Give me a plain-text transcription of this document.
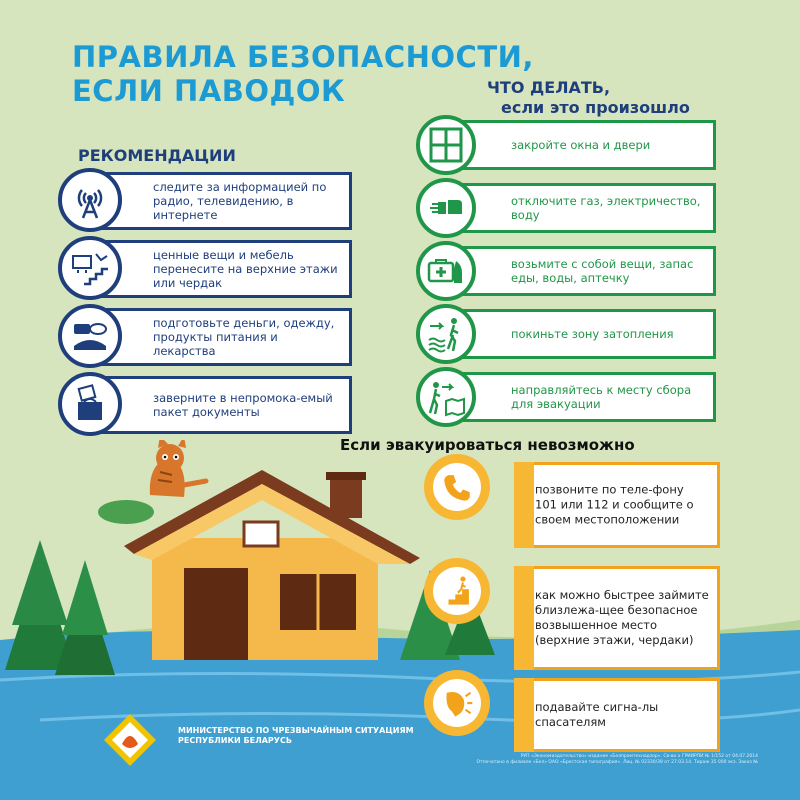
ПРАВИЛА БЕЗОПАСНОСТИ,
ЕСЛИ ПАВОДОК
РЕКОМЕНДАЦИИ
ЧТО ДЕЛАТЬ,
если это произошло
следите за информацией по радио, телевидению, в интернете
ценные вещи и мебель перенесите на верхние этажи или чердак
подготовьте деньги, одежду, продукты питания и лекарства
заверните в непромока-емый пакет документы
закройте окна и двери
отключите газ, электричество, воду
возьмите с собой вещи, запас еды, воды, аптечку
покиньте зону затопления
направляйтесь к месту сбора для эвакуации
Если эвакуироваться невозможно
позвоните по теле-фону 101 или 112 и сообщите о своем местоположении
как можно быстрее займите близлежа-щее безопасное возвышенное место (верхние этажи, чердаки)
подавайте сигна-лы спасателям
МИНИСТЕРСТВО ПО ЧРЕЗВЫЧАЙНЫМ СИТУАЦИЯМ
РЕСПУБЛИКИ БЕЛАРУСЬ
РУП «Экономиздательство» издание «Белпромтехнадзор». Св-во о ГРИИРПИ № 1/152 от 04.07.2014
Отпечатано в филиале «Бел» ОАО «Брестская типография». Лиц. № 02330/39 от 27.03.14. Тираж 35 000 экз. Заказ №
